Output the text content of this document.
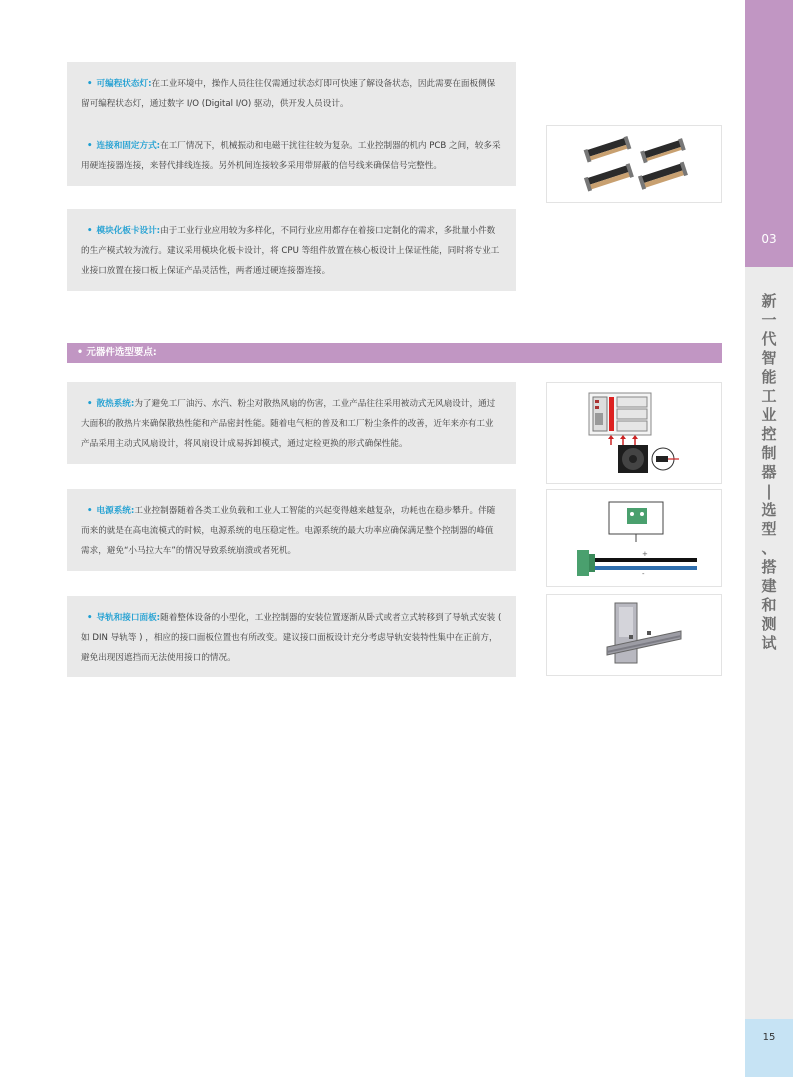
03
新
一
代
智
能
工
业
控
制
器
|
选
型
、
搭
建
和
测
试
15
• 可编程状态灯:在工业环境中，操作人员往往仅需通过状态灯即可快速了解设备状态，因此需要在面板侧保留可编程状态灯，通过数字 I/O (Digital I/O) 驱动，供开发人员设计。
• 连接和固定方式:在工厂情况下，机械振动和电磁干扰往往较为复杂。工业控制器的机内 PCB 之间，较多采用硬连接器连接，来替代排线连接。另外机间连接较多采用带屏蔽的信号线来确保信号完整性。
• 模块化板卡设计:由于工业行业应用较为多样化，不同行业应用都存在着接口定制化的需求，多批量小件数的生产模式较为流行。建议采用模块化板卡设计，将 CPU 等组件放置在核心板设计上保证性能，同时将专业工业接口放置在接口板上保证产品灵活性，两者通过硬连接器连接。
• 元器件选型要点:
• 散热系统:为了避免工厂油污、水汽、粉尘对散热风扇的伤害，工业产品往往采用被动式无风扇设计，通过大面积的散热片来确保散热性能和产品密封性能。随着电气柜的普及和工厂粉尘条件的改善，近年来亦有工业产品采用主动式风扇设计，将风扇设计成易拆卸模式，通过定检更换的形式确保性能。
• 电源系统:工业控制器随着各类工业负载和工业人工智能的兴起变得越来越复杂，功耗也在稳步攀升。伴随而来的就是在高电流模式的时候，电源系统的电压稳定性。电源系统的最大功率应确保满足整个控制器的峰值需求，避免“小马拉大车”的情况导致系统崩溃或者死机。
• 导轨和接口面板:随着整体设备的小型化，工业控制器的安装位置逐渐从卧式或者立式转移到了导轨式安装 ( 如 DIN 导轨等 ) ，相应的接口面板位置也有所改变。建议接口面板设计充分考虑导轨安装特性集中在正前方，避免出现因遮挡而无法使用接口的情况。
+
-
